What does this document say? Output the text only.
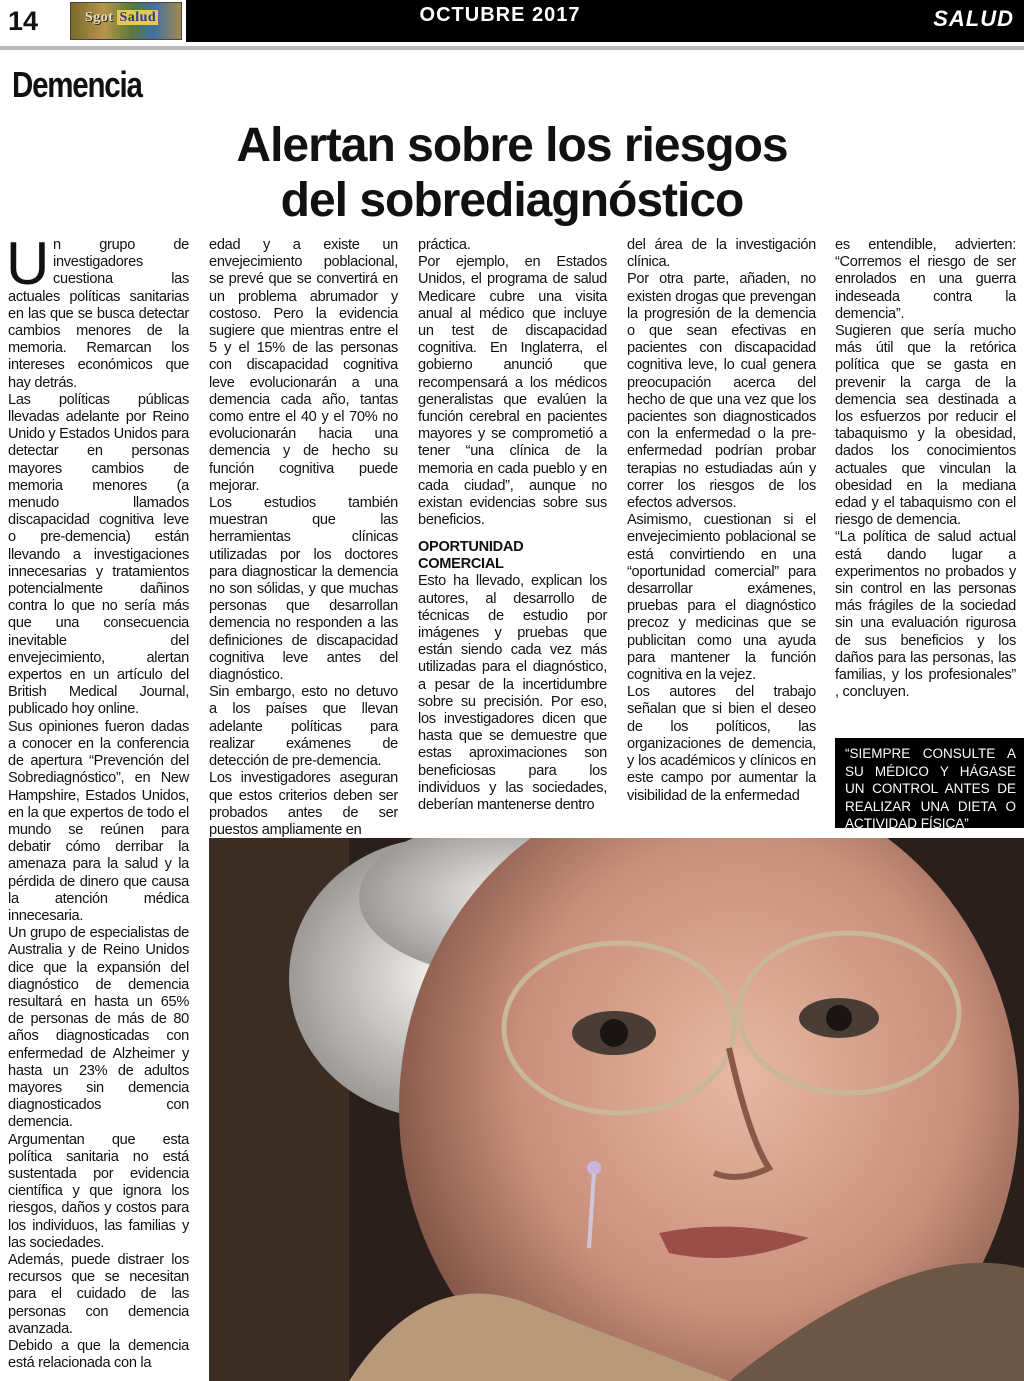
14	Sgot Salud	OCTUBRE 2017	SALUD
Demencia
Alertan sobre los riesgos
del sobrediagnóstico
U n grupo de investigadores cuestiona las actuales políticas sanitarias en las que se busca detectar cambios menores de la memoria. Remarcan los intereses económicos que hay detrás.

Las políticas públicas llevadas adelante por Reino Unido y Estados Unidos para detectar en personas mayores cambios de memoria menores (a menudo llamados discapacidad cognitiva leve o pre-demencia) están llevando a investigaciones innecesarias y tratamientos potencialmente dañinos contra lo que no sería más que una consecuencia inevitable del envejecimiento, alertan expertos en un artículo del British Medical Journal, publicado hoy online.

Sus opiniones fueron dadas a conocer en la conferencia de apertura “Prevención del Sobrediagnóstico”, en New Hampshire, Estados Unidos, en la que expertos de todo el mundo se reúnen para debatir cómo derribar la amenaza para la salud y la pérdida de dinero que causa la atención médica innecesaria.

Un grupo de especialistas de Australia y de Reino Unidos dice que la expansión del diagnóstico de demencia resultará en hasta un 65% de personas de más de 80 años diagnosticadas con enfermedad de Alzheimer y hasta un 23% de adultos mayores sin demencia diagnosticados con demencia.

Argumentan que esta política sanitaria no está sustentada por evidencia científica y que ignora los riesgos, daños y costos para los individuos, las familias y las sociedades.

Además, puede distraer los recursos que se necesitan para el cuidado de las personas con demencia avanzada.

Debido a que la demencia está relacionada con la

edad y a existe un envejecimiento poblacional, se prevé que se convertirá en un problema abrumador y costoso. Pero la evidencia sugiere que mientras entre el 5 y el 15% de las personas con discapacidad cognitiva leve evolucionarán a una demencia cada año, tantas como entre el 40 y el 70% no evolucionarán hacia una demencia y de hecho su función cognitiva puede mejorar.

Los estudios también muestran que las herramientas clínicas utilizadas por los doctores para diagnosticar la demencia no son sólidas, y que muchas personas que desarrollan demencia no responden a las definiciones de discapacidad cognitiva leve antes del diagnóstico.

Sin embargo, esto no detuvo a los países que llevan adelante políticas para realizar exámenes de detección de pre-demencia.

Los investigadores aseguran que estos criterios deben ser probados antes de ser puestos ampliamente en

práctica.

Por ejemplo, en Estados Unidos, el programa de salud Medicare cubre una visita anual al médico que incluye un test de discapacidad cognitiva. En Inglaterra, el gobierno anunció que recompensará a los médicos generalistas que evalúen la función cerebral en pacientes mayores y se comprometió a tener “una clínica de la memoria en cada pueblo y en cada ciudad”, aunque no existan evidencias sobre sus beneficios.

OPORTUNIDAD COMERCIAL

Esto ha llevado, explican los autores, al desarrollo de técnicas de estudio por imágenes y pruebas que están siendo cada vez más utilizadas para el diagnóstico, a pesar de la incertidumbre sobre su precisión. Por eso, los investigadores dicen que hasta que se demuestre que estas aproximaciones son beneficiosas para los individuos y las sociedades, deberían mantenerse dentro

del área de la investigación clínica.

Por otra parte, añaden, no existen drogas que prevengan la progresión de la demencia o que sean efectivas en pacientes con discapacidad cognitiva leve, lo cual genera preocupación acerca del hecho de que una vez que los pacientes son diagnosticados con la enfermedad o la pre-enfermedad podrían probar terapias no estudiadas aún y correr los riesgos de los efectos adversos.

Asimismo, cuestionan si el envejecimiento poblacional se está convirtiendo en una “oportunidad comercial” para desarrollar exámenes, pruebas para el diagnóstico precoz y medicinas que se publicitan como una ayuda para mantener la función cognitiva en la vejez.

Los autores del trabajo señalan que si bien el deseo de los políticos, las organizaciones de demencia, y los académicos y clínicos en este campo por aumentar la visibilidad de la enfermedad

es entendible, advierten: “Corremos el riesgo de ser enrolados en una guerra indeseada contra la demencia”.

Sugieren que sería mucho más útil que la retórica política que se gasta en prevenir la carga de la demencia sea destinada a los esfuerzos por reducir el tabaquismo y la obesidad, dados los conocimientos actuales que vinculan la obesidad en la mediana edad y el tabaquismo con el riesgo de demencia.

“La política de salud actual está dando lugar a experimentos no probados y sin control en las personas más frágiles de la sociedad sin una evaluación rigurosa de sus beneficios y los daños para las personas, las familias, y los profesionales” , concluyen.

“SIEMPRE CONSULTE A SU MÉDICO Y HÁGASE UN CONTROL ANTES DE REALIZAR UNA DIETA O ACTIVIDAD FÍSICA”
